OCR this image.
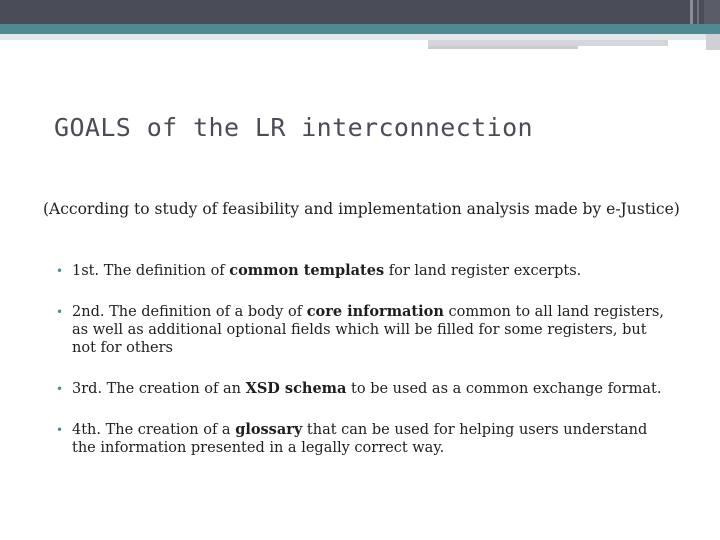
GOALS of the LR interconnection

(According to study of feasibility and implementation analysis made by e-Justice)

• 1st. The definition of common templates for land register excerpts.
• 2nd. The definition of a body of core information common to all land registers, as well as additional optional fields which will be filled for some registers, but not for others
• 3rd. The creation of an XSD schema to be used as a common exchange format.
• 4th. The creation of a glossary that can be used for helping users understand the information presented in a legally correct way.
